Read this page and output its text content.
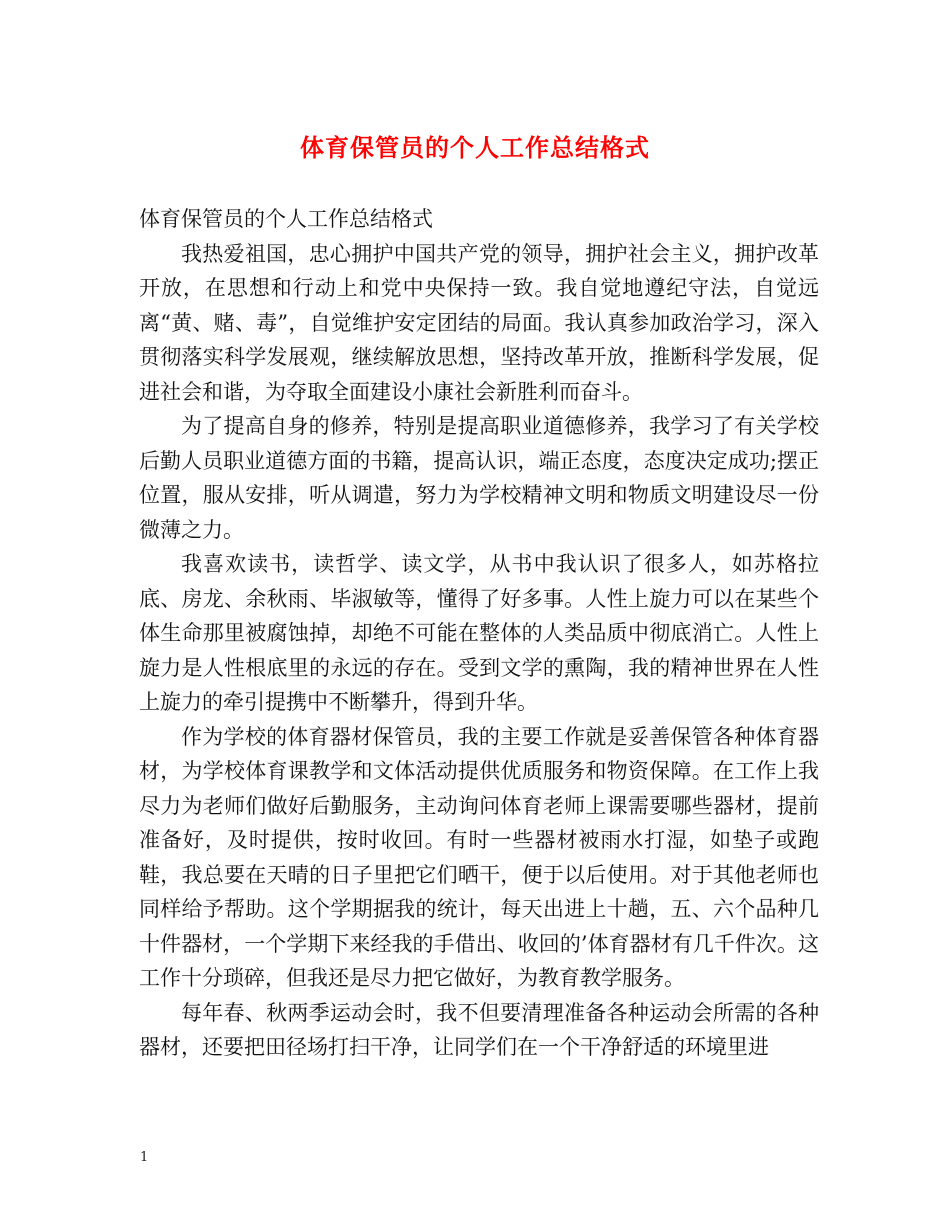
体育保管员的个人工作总结格式

体育保管员的个人工作总结格式

我热爱祖国，忠心拥护中国共产党的领导，拥护社会主义，拥护改革开放，在思想和行动上和党中央保持一致。我自觉地遵纪守法，自觉远离“黄、赌、毒”，自觉维护安定团结的局面。我认真参加政治学习，深入贯彻落实科学发展观，继续解放思想，坚持改革开放，推断科学发展，促进社会和谐，为夺取全面建设小康社会新胜利而奋斗。

为了提高自身的修养，特别是提高职业道德修养，我学习了有关学校后勤人员职业道德方面的书籍，提高认识，端正态度，态度决定成功;摆正位置，服从安排，听从调遣，努力为学校精神文明和物质文明建设尽一份微薄之力。

我喜欢读书，读哲学、读文学，从书中我认识了很多人，如苏格拉底、房龙、余秋雨、毕淑敏等，懂得了好多事。人性上旋力可以在某些个体生命那里被腐蚀掉，却绝不可能在整体的人类品质中彻底消亡。人性上旋力是人性根底里的永远的存在。受到文学的熏陶，我的精神世界在人性上旋力的牵引提携中不断攀升，得到升华。

作为学校的体育器材保管员，我的主要工作就是妥善保管各种体育器材，为学校体育课教学和文体活动提供优质服务和物资保障。在工作上我尽力为老师们做好后勤服务，主动询问体育老师上课需要哪些器材，提前准备好，及时提供，按时收回。有时一些器材被雨水打湿，如垫子或跑鞋，我总要在天晴的日子里把它们晒干，便于以后使用。对于其他老师也同样给予帮助。这个学期据我的统计，每天出进上十趟，五、六个品种几十件器材，一个学期下来经我的手借出、收回的’体育器材有几千件次。这工作十分琐碎，但我还是尽力把它做好，为教育教学服务。

每年春、秋两季运动会时，我不但要清理准备各种运动会所需的各种器材，还要把田径场打扫干净，让同学们在一个干净舒适的环境里进

1
